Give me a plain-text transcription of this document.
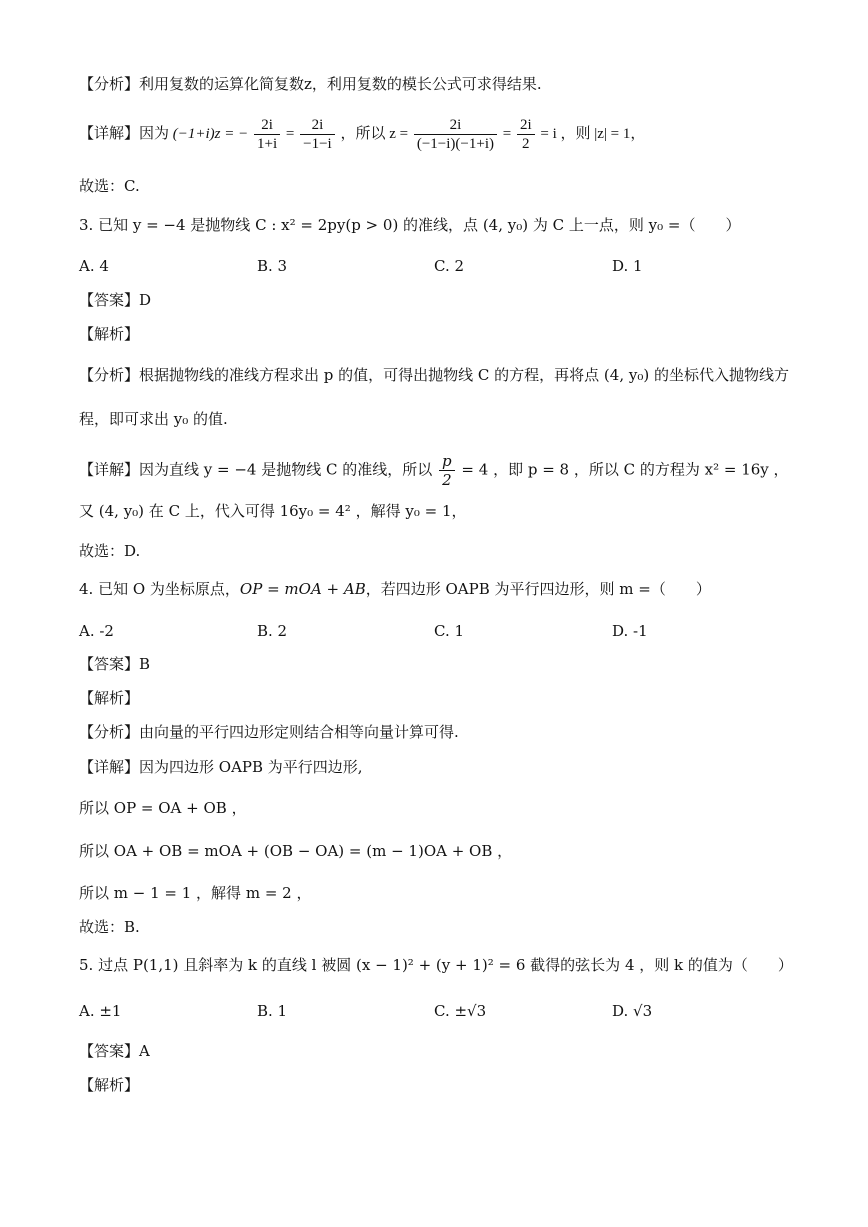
【分析】利用复数的运算化简复数z，利用复数的模长公式可求得结果.
【详解】因为 (−1+i)z = − $\frac{2i}{1+i} = \frac{2i}{-1-i}$ ，所以 $z = \frac{2i}{(-1-i)(-1+i)} = \frac{2i}{2} = i$ ，则 |z| = 1，
故选：C.
3. 已知 y = −4 是抛物线 C : x² = 2py(p > 0) 的准线，点 (4, y₀) 为 C 上一点，则 y₀ =（　　）
A. 4	B. 3	C. 2	D. 1
【答案】D
【解析】
【分析】根据抛物线的准线方程求出 p 的值，可得出抛物线 C 的方程，再将点 (4, y₀) 的坐标代入抛物线方
程，即可求出 y₀ 的值.
【详解】因为直线 y = −4 是抛物线 C 的准线，所以 $\frac{p}{2} = 4$ ，即 p = 8 ，所以 C 的方程为 x² = 16y ，
又 (4, y₀) 在 C 上，代入可得 16y₀ = 4² ，解得 y₀ = 1，
故选：D.
4. 已知 O 为坐标原点，OP = mOA + AB，若四边形 OAPB 为平行四边形，则 m =（　　）
A. -2	B. 2	C. 1	D. -1
【答案】B
【解析】
【分析】由向量的平行四边形定则结合相等向量计算可得.
【详解】因为四边形 OAPB 为平行四边形,
所以 OP = OA + OB ，
所以 OA + OB = mOA + (OB − OA) = (m − 1)OA + OB ，
所以 m − 1 = 1 ，解得 m = 2 ，
故选：B.
5. 过点 P(1,1) 且斜率为 k 的直线 l 被圆 (x − 1)² + (y + 1)² = 6 截得的弦长为 4 ，则 k 的值为（　　）
A. ±1	B. 1	C. ±√3	D. √3
【答案】A
【解析】
